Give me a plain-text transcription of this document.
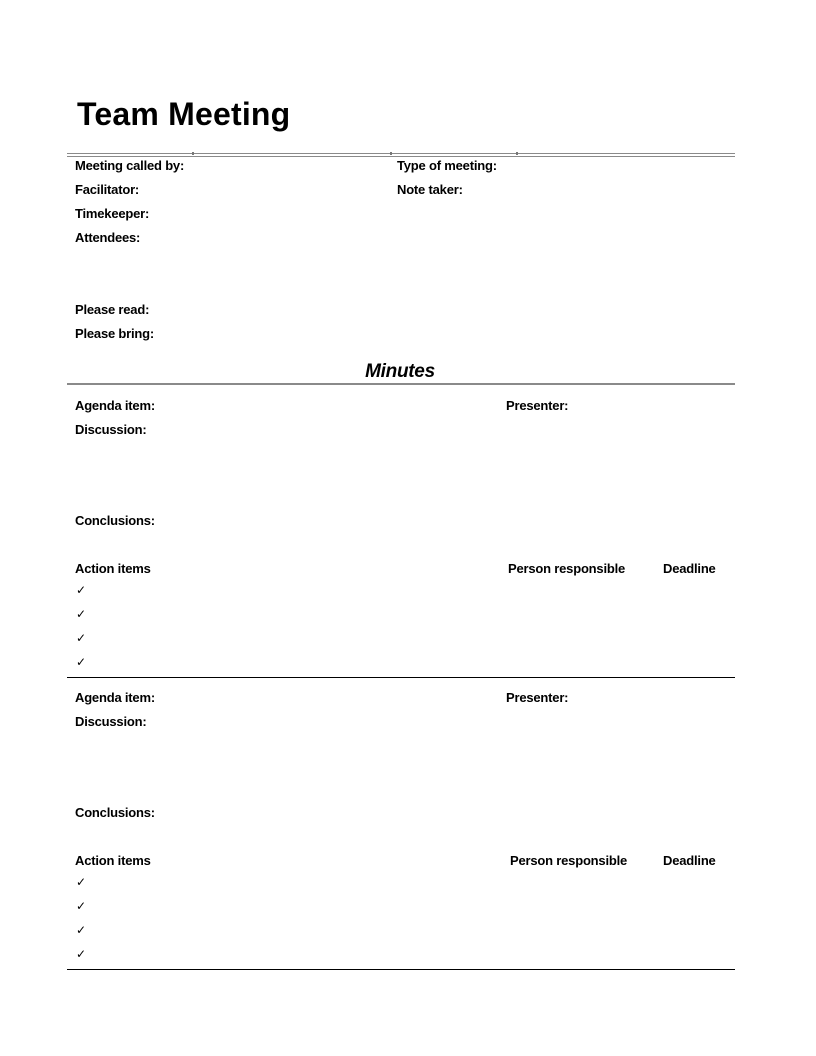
Team Meeting
Meeting called by:	Type of meeting:
Facilitator:	Note taker:
Timekeeper:
Attendees:
Please read:
Please bring:
Minutes
Agenda item:	Presenter:
Discussion:
Conclusions:
Action items	Person responsible	Deadline
✓
✓
✓
✓
Agenda item:	Presenter:
Discussion:
Conclusions:
Action items	Person responsible	Deadline
✓
✓
✓
✓
